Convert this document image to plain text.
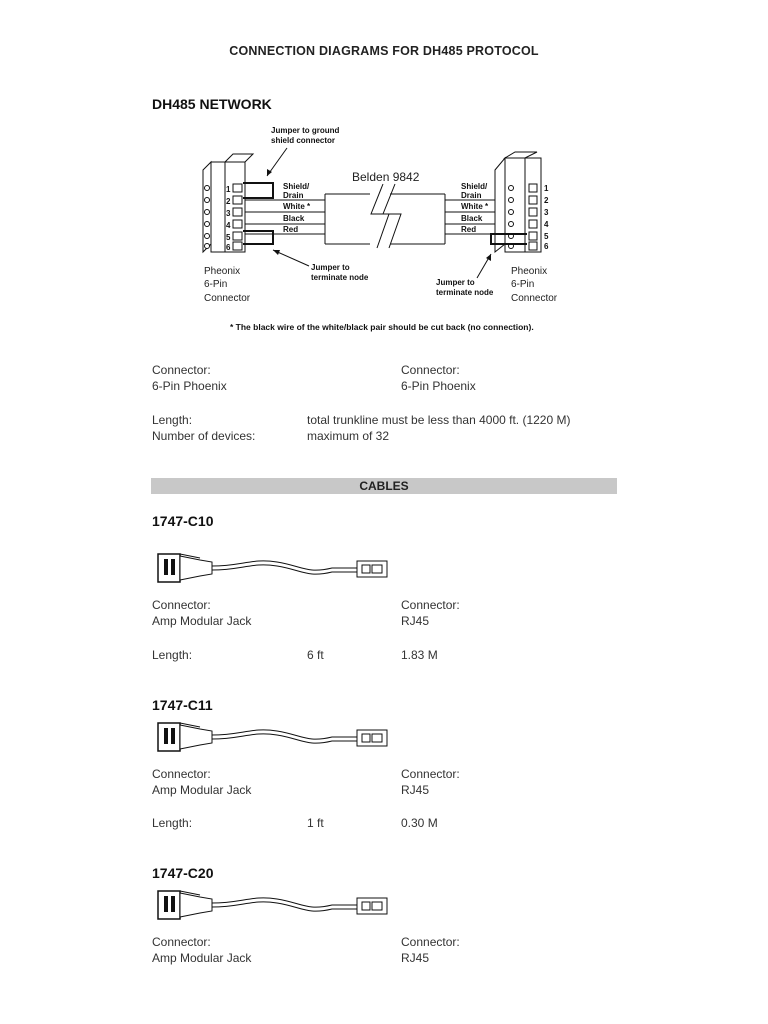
CONNECTION DIAGRAMS FOR DH485 PROTOCOL
DH485 NETWORK
1
2
3
4
5
6
Belden 9842
Shield/
Drain
White *
Black
Red
Shield/
Drain
White *
Black
Red
1
2
3
4
5
6
Jumper to ground
shield connector
Jumper to
terminate node
Jumper to
terminate node
Pheonix
6-Pin
Connector
Pheonix
6-Pin
Connector
* The black wire of the white/black pair should be cut back (no connection).
Connector:
6-Pin Phoenix
Connector:
6-Pin Phoenix
Length:	total trunkline must be less than 4000 ft. (1220 M)
Number of devices:	maximum of 32
CABLES
1747-C10
Connector:
Amp Modular Jack
Connector:
RJ45
Length:	6 ft	1.83 M
1747-C11
Connector:
Amp Modular Jack
Connector:
RJ45
Length:	1 ft	0.30 M
1747-C20
Connector:
Amp Modular Jack
Connector:
RJ45
